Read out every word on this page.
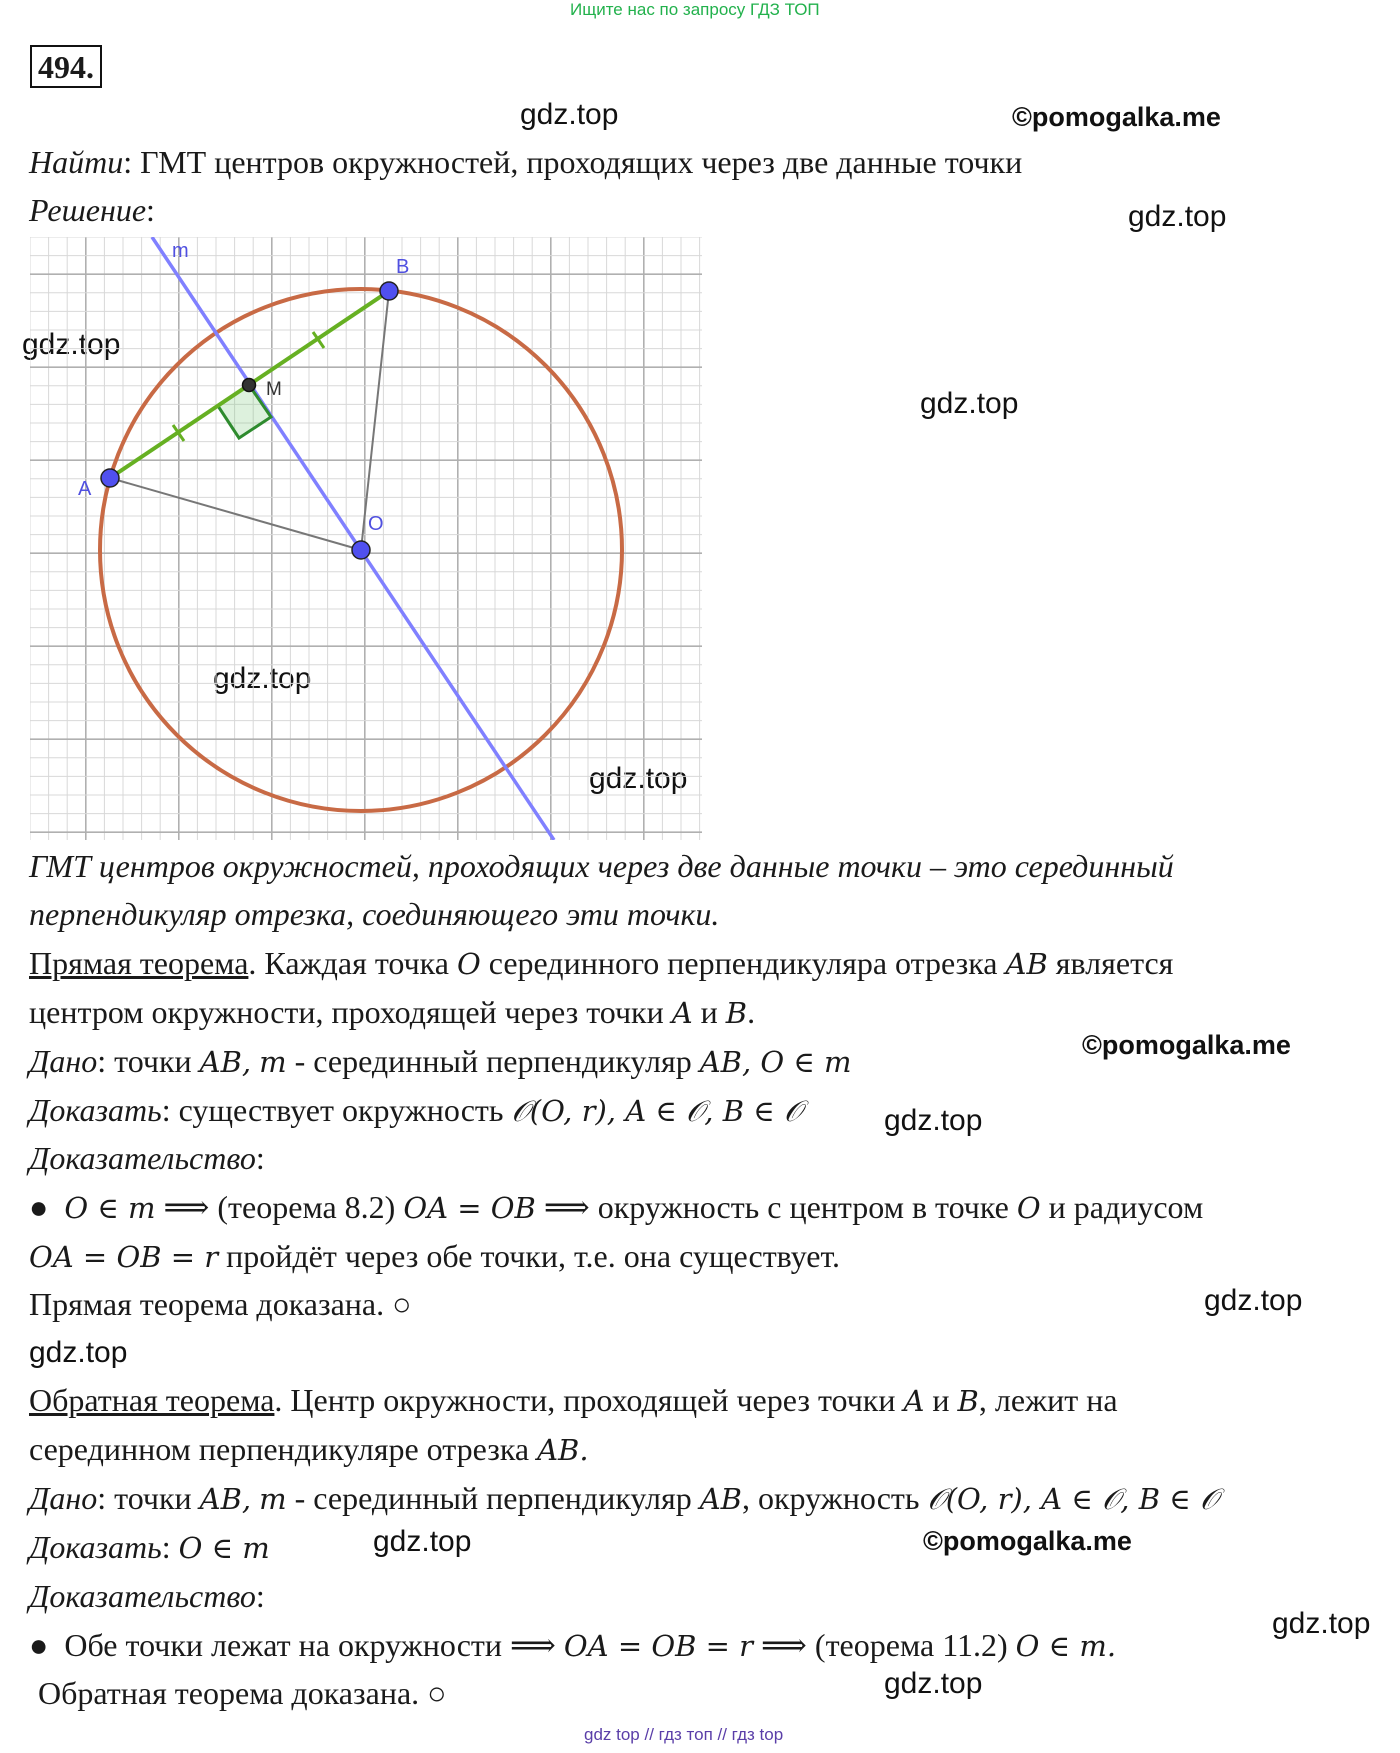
Ищите нас по запросу ГДЗ ТОП
494.
gdz.top	©pomogalka.me
gdz.top
gdz.top
gdz.top
gdz.top
gdz.top
©pomogalka.me
gdz.top
gdz.top
gdz.top
gdz.top	©pomogalka.me
gdz.top
gdz.top
Найти: ГМТ центров окружностей, проходящих через две данные точки
Решение:
m
B
M
A
O
ГМТ центров окружностей, проходящих через две данные точки – это серединный
перпендикуляр отрезка, соединяющего эти точки.
Прямая теорема. Каждая точка O серединного перпендикуляра отрезка AB является
центром окружности, проходящей через точки A и B.
Дано: точки AB, m - серединный перпендикуляр AB, O ∈ m
Доказать: существует окружность 𝒪(O, r), A ∈ 𝒪, B ∈ 𝒪
Доказательство:
● O ∈ m ⟹ (теорема 8.2) OA = OB ⟹ окружность с центром в точке O и радиусом
OA = OB = r пройдёт через обе точки, т.е. она существует.
Прямая теорема доказана. ○
Обратная теорема. Центр окружности, проходящей через точки A и B, лежит на
серединном перпендикуляре отрезка AB.
Дано: точки AB, m - серединный перпендикуляр AB, окружность 𝒪(O, r), A ∈ 𝒪, B ∈ 𝒪
Доказать: O ∈ m
Доказательство:
● Обе точки лежат на окружности ⟹ OA = OB = r ⟹ (теорема 11.2) O ∈ m.
Обратная теорема доказана. ○
gdz top // гдз топ // гдз top
